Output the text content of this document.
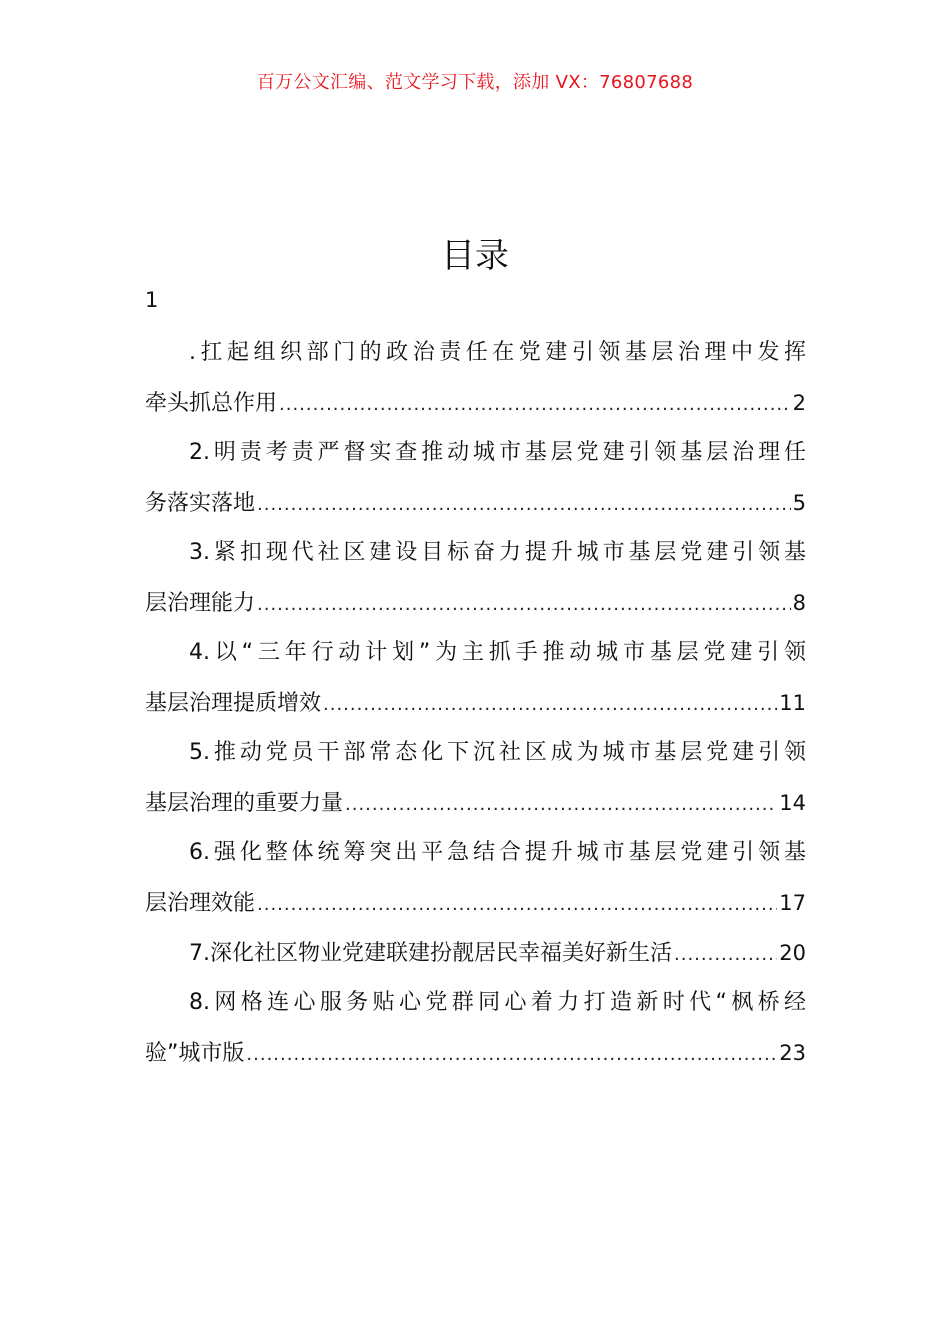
百万公文汇编、范文学习下载，添加 VX：76807688
目录
1
.扛起组织部门的政治责任在党建引领基层治理中发挥
牵头抓总作用 .....	2
2.明责考责严督实查推动城市基层党建引领基层治理任
务落实落地 .....	5
3.紧扣现代社区建设目标奋力提升城市基层党建引领基
层治理能力 .....	8
4.以“三年行动计划”为主抓手推动城市基层党建引领
基层治理提质增效 .....	11
5.推动党员干部常态化下沉社区成为城市基层党建引领
基层治理的重要力量 .....	14
6.强化整体统筹突出平急结合提升城市基层党建引领基
层治理效能 .....	17
7.深化社区物业党建联建扮靓居民幸福美好新生活 .....	20
8.网格连心服务贴心党群同心着力打造新时代“枫桥经
验”城市版 .....	23
